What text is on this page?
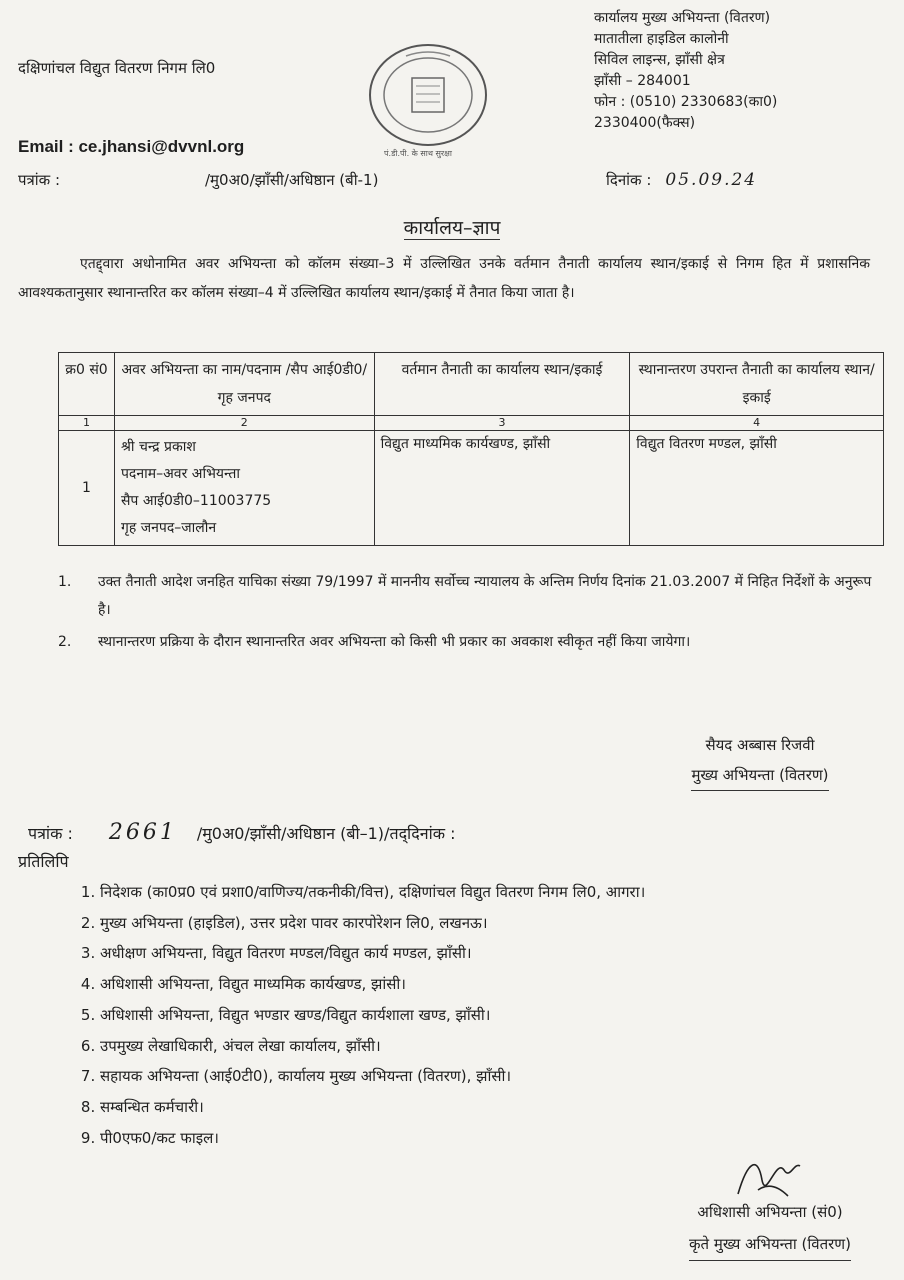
दक्षिणांचल विद्युत वितरण निगम लि0
Email : ce.jhansi@dvvnl.org	पं.डी.पी. के साथ सुरक्षा
कार्यालय मुख्य अभियन्ता (वितरण)
मातातीला हाइडिल कालोनी
सिविल लाइन्स, झाँसी क्षेत्र
झाँसी – 284001
फोन : (0510) 2330683(का0)
2330400(फैक्स)
पत्रांक :	/मु0अ0/झाँसी/अधिष्ठान (बी-1)	दिनांक : 05.09.24
कार्यालय–ज्ञाप
एतद्द्वारा अधोनामित अवर अभियन्ता को कॉलम संख्या–3 में उल्लिखित उनके वर्तमान तैनाती कार्यालय स्थान/इकाई से निगम हित में प्रशासनिक आवश्यकतानुसार स्थानान्तरित कर कॉलम संख्या–4 में उल्लिखित कार्यालय स्थान/इकाई में तैनात किया जाता है।
क्र0 सं0	अवर अभियन्ता का नाम/पदनाम /सैप आई0डी0/गृह जनपद	वर्तमान तैनाती का कार्यालय स्थान/इकाई	स्थानान्तरण उपरान्त तैनाती का कार्यालय स्थान/इकाई
1	2	3	4
1	श्री चन्द्र प्रकाश
पदनाम–अवर अभियन्ता
सैप आई0डी0–11003775
गृह जनपद–जालौन	विद्युत माध्यमिक कार्यखण्ड, झाँसी	विद्युत वितरण मण्डल, झाँसी
1.	उक्त तैनाती आदेश जनहित याचिका संख्या 79/1997 में माननीय सर्वोच्च न्यायालय के अन्तिम निर्णय दिनांक 21.03.2007 में निहित निर्देशों के अनुरूप है।
2.	स्थानान्तरण प्रक्रिया के दौरान स्थानान्तरित अवर अभियन्ता को किसी भी प्रकार का अवकाश स्वीकृत नहीं किया जायेगा।
सैयद अब्बास रिजवी
मुख्य अभियन्ता (वितरण)
पत्रांक : 2661 /मु0अ0/झाँसी/अधिष्ठान (बी–1)/तद्‌दिनांक :
प्रतिलिपि
1. निदेशक (का0प्र0 एवं प्रशा0/वाणिज्य/तकनीकी/वित्त), दक्षिणांचल विद्युत वितरण निगम लि0, आगरा।
2. मुख्य अभियन्ता (हाइडिल), उत्तर प्रदेश पावर कारपोरेशन लि0, लखनऊ।
3. अधीक्षण अभियन्ता, विद्युत वितरण मण्डल/विद्युत कार्य मण्डल, झाँसी।
4. अधिशासी अभियन्ता, विद्युत माध्यमिक कार्यखण्ड, झांसी।
5. अधिशासी अभियन्ता, विद्युत भण्डार खण्ड/विद्युत कार्यशाला खण्ड, झाँसी।
6. उपमुख्य लेखाधिकारी, अंचल लेखा कार्यालय, झाँसी।
7. सहायक अभियन्ता (आई0टी0), कार्यालय मुख्य अभियन्ता (वितरण), झाँसी।
8. सम्बन्धित कर्मचारी।
9. पी0एफ0/कट फाइल।
अधिशासी अभियन्ता (सं0)
कृते मुख्य अभियन्ता (वितरण)
